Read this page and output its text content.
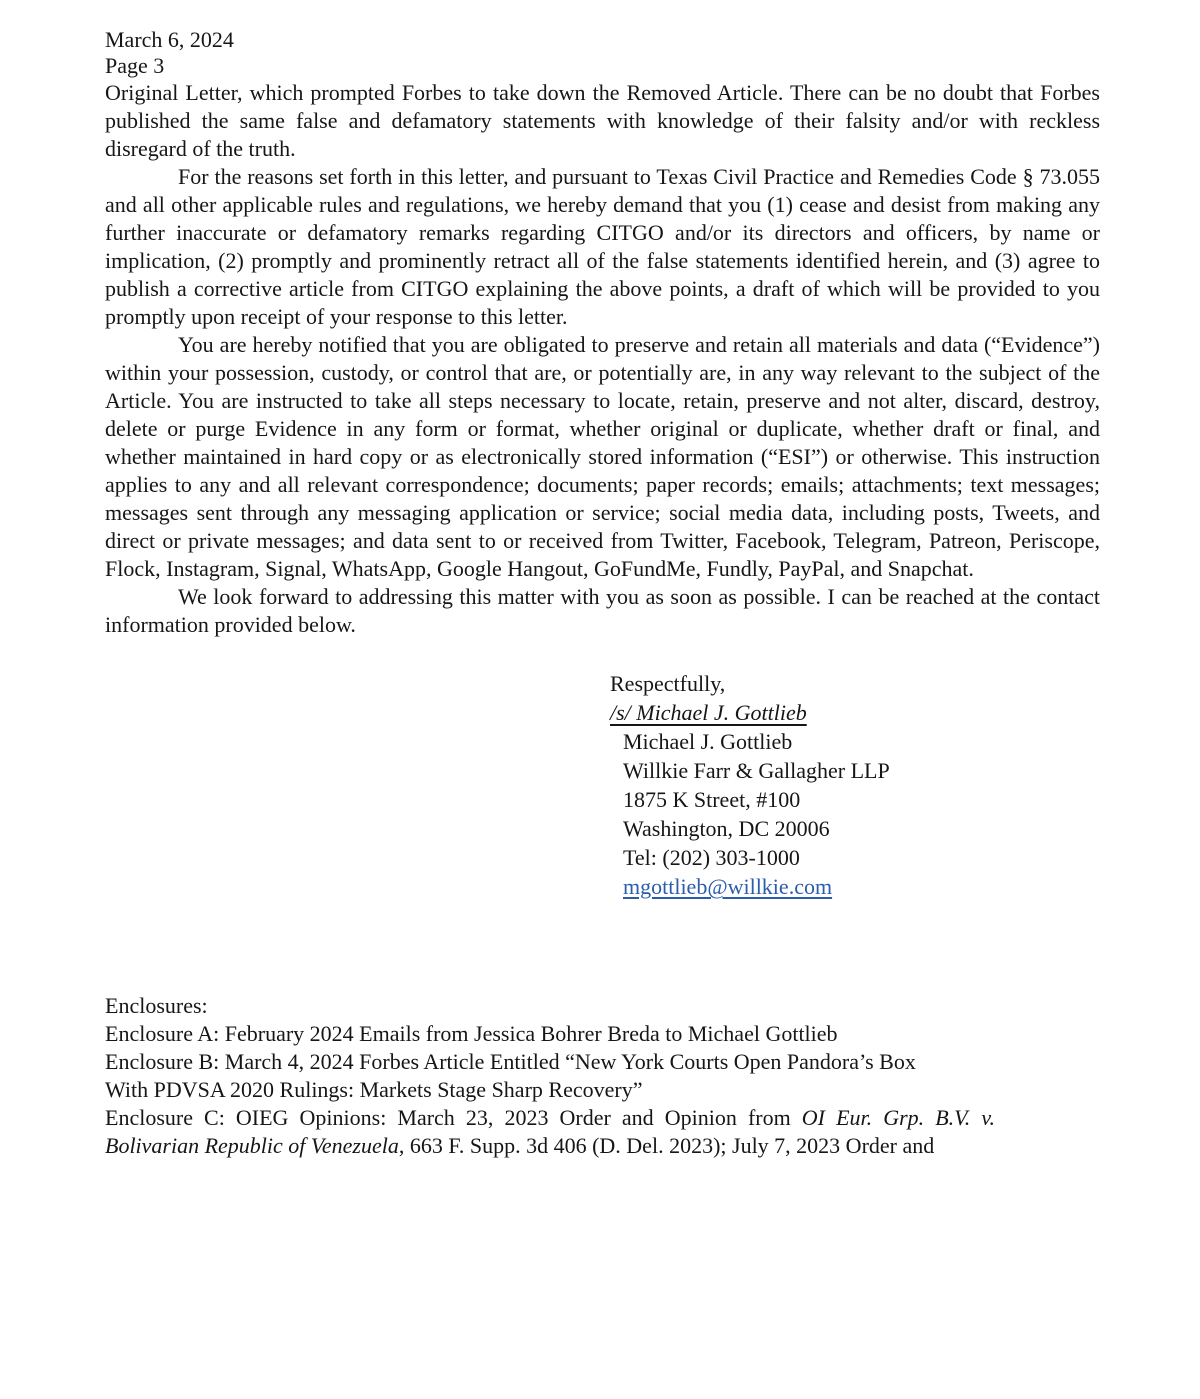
March 6, 2024
Page 3

Original Letter, which prompted Forbes to take down the Removed Article. There can be no doubt that Forbes published the same false and defamatory statements with knowledge of their falsity and/or with reckless disregard of the truth.

For the reasons set forth in this letter, and pursuant to Texas Civil Practice and Remedies Code § 73.055 and all other applicable rules and regulations, we hereby demand that you (1) cease and desist from making any further inaccurate or defamatory remarks regarding CITGO and/or its directors and officers, by name or implication, (2) promptly and prominently retract all of the false statements identified herein, and (3) agree to publish a corrective article from CITGO explaining the above points, a draft of which will be provided to you promptly upon receipt of your response to this letter.

You are hereby notified that you are obligated to preserve and retain all materials and data (“Evidence”) within your possession, custody, or control that are, or potentially are, in any way relevant to the subject of the Article. You are instructed to take all steps necessary to locate, retain, preserve and not alter, discard, destroy, delete or purge Evidence in any form or format, whether original or duplicate, whether draft or final, and whether maintained in hard copy or as electronically stored information (“ESI”) or otherwise. This instruction applies to any and all relevant correspondence; documents; paper records; emails; attachments; text messages; messages sent through any messaging application or service; social media data, including posts, Tweets, and direct or private messages; and data sent to or received from Twitter, Facebook, Telegram, Patreon, Periscope, Flock, Instagram, Signal, WhatsApp, Google Hangout, GoFundMe, Fundly, PayPal, and Snapchat.

We look forward to addressing this matter with you as soon as possible. I can be reached at the contact information provided below.

Respectfully,
/s/ Michael J. Gottlieb
Michael J. Gottlieb
Willkie Farr & Gallagher LLP
1875 K Street, #100
Washington, DC 20006
Tel: (202) 303-1000
mgottlieb@willkie.com
Enclosures:

Enclosure A: February 2024 Emails from Jessica Bohrer Breda to Michael Gottlieb

Enclosure B: March 4, 2024 Forbes Article Entitled “New York Courts Open Pandora’s Box
With PDVSA 2020 Rulings: Markets Stage Sharp Recovery”

Enclosure C: OIEG Opinions: March 23, 2023 Order and Opinion from OI Eur. Grp. B.V. v. Bolivarian Republic of Venezuela, 663 F. Supp. 3d 406 (D. Del. 2023); July 7, 2023 Order and
